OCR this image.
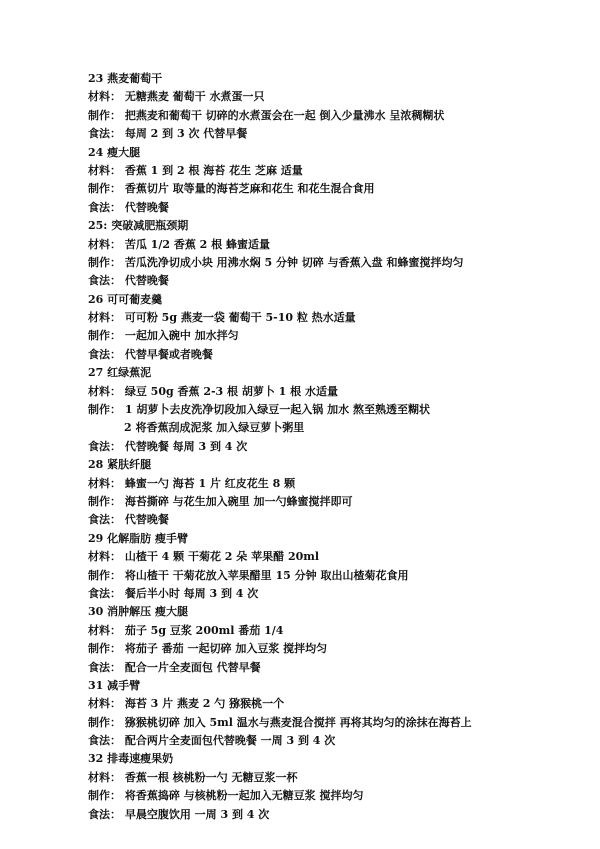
23 燕麦葡萄干
材料： 无糖燕麦 葡萄干 水煮蛋一只
制作： 把燕麦和葡萄干 切碎的水煮蛋会在一起 倒入少量沸水 呈浓稠糊状
食法： 每周 2 到 3 次 代替早餐
24 瘦大腿
材料： 香蕉 1 到 2 根 海苔 花生 芝麻 适量
制作： 香蕉切片 取等量的海苔芝麻和花生 和花生混合食用
食法： 代替晚餐
25: 突破减肥瓶颈期
材料： 苦瓜 1/2 香蕉 2 根 蜂蜜适量
制作： 苦瓜洗净切成小块 用沸水焖 5 分钟 切碎 与香蕉入盘 和蜂蜜搅拌均匀
食法： 代替晚餐
26 可可葡麦羹
材料： 可可粉 5g 燕麦一袋 葡萄干 5-10 粒 热水适量
制作： 一起加入碗中 加水拌匀
食法： 代替早餐或者晚餐
27 红绿蕉泥
材料： 绿豆 50g 香蕉 2-3 根 胡萝卜 1 根 水适量
制作： 1 胡萝卜去皮洗净切段加入绿豆一起入锅 加水 熬至熟透至糊状
2 将香蕉刮成泥浆 加入绿豆萝卜粥里
食法： 代替晚餐 每周 3 到 4 次
28 紧肤纤腿
材料： 蜂蜜一勺 海苔 1 片 红皮花生 8 颗
制作： 海苔撕碎 与花生加入碗里 加一勺蜂蜜搅拌即可
食法： 代替晚餐
29 化解脂肪 瘦手臂
材料： 山楂干 4 颗 干菊花 2 朵 苹果醋 20ml
制作： 将山楂干 干菊花放入苹果醋里 15 分钟 取出山楂菊花食用
食法： 餐后半小时 每周 3 到 4 次
30 消肿解压 瘦大腿
材料： 茄子 5g 豆浆 200ml 番茄 1/4
制作： 将茄子 番茄 一起切碎 加入豆浆 搅拌均匀
食法： 配合一片全麦面包 代替早餐
31 减手臂
材料： 海苔 3 片 燕麦 2 勺 猕猴桃一个
制作： 猕猴桃切碎 加入 5ml 温水与燕麦混合搅拌 再将其均匀的涂抹在海苔上
食法： 配合两片全麦面包代替晚餐 一周 3 到 4 次
32 排毒速瘦果奶
材料： 香蕉一根 核桃粉一勺 无糖豆浆一杯
制作： 将香蕉捣碎 与核桃粉一起加入无糖豆浆 搅拌均匀
食法： 早晨空腹饮用 一周 3 到 4 次
